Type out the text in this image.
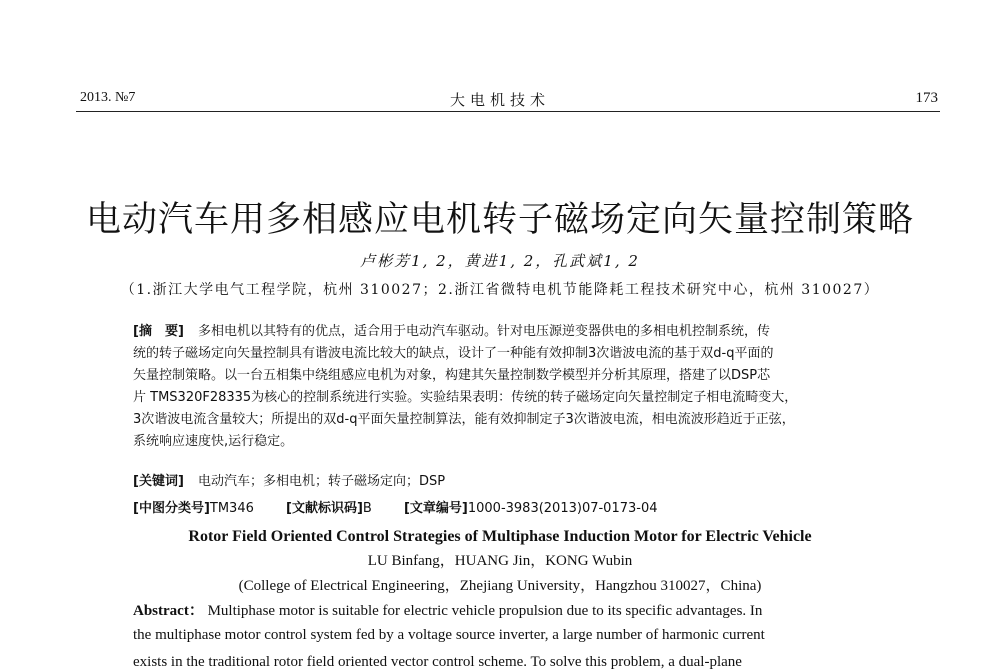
2013. №7	大电机技术	173
电动汽车用多相感应电机转子磁场定向矢量控制策略
卢彬芳1, 2，黄进1, 2，孔武斌1, 2
（1.浙江大学电气工程学院，杭州 310027；2.浙江省微特电机节能降耗工程技术研究中心，杭州 310027）
[摘　要] 多相电机以其特有的优点，适合用于电动汽车驱动。针对电压源逆变器供电的多相电机控制系统，传
统的转子磁场定向矢量控制具有谐波电流比较大的缺点，设计了一种能有效抑制3次谐波电流的基于双d-q平面的
矢量控制策略。以一台五相集中绕组感应电机为对象，构建其矢量控制数学模型并分析其原理，搭建了以DSP芯
片 TMS320F28335为核心的控制系统进行实验。实验结果表明：传统的转子磁场定向矢量控制定子相电流畸变大，
3次谐波电流含量较大；所提出的双d-q平面矢量控制算法，能有效抑制定子3次谐波电流，相电流波形趋近于正弦，
系统响应速度快,运行稳定。
[关键词] 电动汽车；多相电机；转子磁场定向；DSP
[中图分类号]TM346 [文献标识码]B [文章编号]1000-3983(2013)07-0173-04
Rotor Field Oriented Control Strategies of Multiphase Induction Motor for Electric Vehicle
LU Binfang，HUANG Jin，KONG Wubin
(College of Electrical Engineering，Zhejiang University，Hangzhou 310027，China)
Abstract： Multiphase motor is suitable for electric vehicle propulsion due to its specific advantages. In
the multiphase motor control system fed by a voltage source inverter, a large number of harmonic current
exists in the traditional rotor field oriented vector control scheme. To solve this problem, a dual-plane
